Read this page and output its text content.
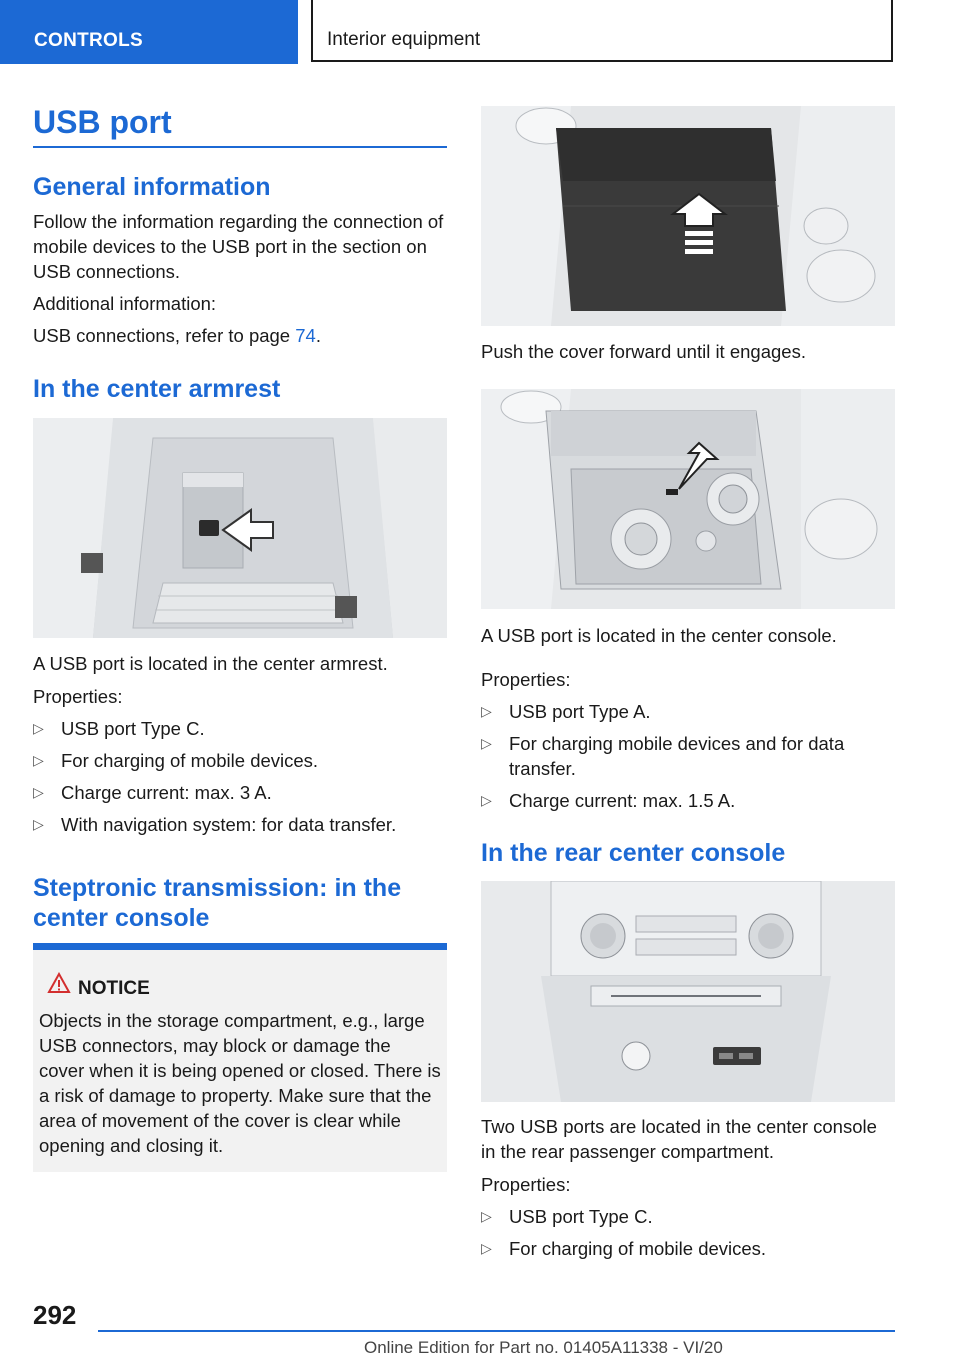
CONTROLS	Interior equipment
USB port
General information

Follow the information regarding the connection of mobile devices to the USB port in the section on USB connections.

Additional information:

USB connections, refer to page 74.

In the center armrest

A USB port is located in the center armrest.

Properties:

▷ USB port Type C.
▷ For charging of mobile devices.
▷ Charge current: max. 3 A.
▷ With navigation system: for data transfer.
Steptronic transmission: in the center console
NOTICE
Objects in the storage compartment, e.g., large USB connectors, may block or damage the cover when it is being opened or closed. There is a risk of damage to property. Make sure that the area of movement of the cover is clear while opening and closing it.

Push the cover forward until it engages.

A USB port is located in the center console.

Properties:

▷ USB port Type A.
▷ For charging mobile devices and for data transfer.
▷ Charge current: max. 1.5 A.
In the rear center console

Two USB ports are located in the center console in the rear passenger compartment.

Properties:

▷ USB port Type C.
▷ For charging of mobile devices.
292
Online Edition for Part no. 01405A11338 - VI/20
